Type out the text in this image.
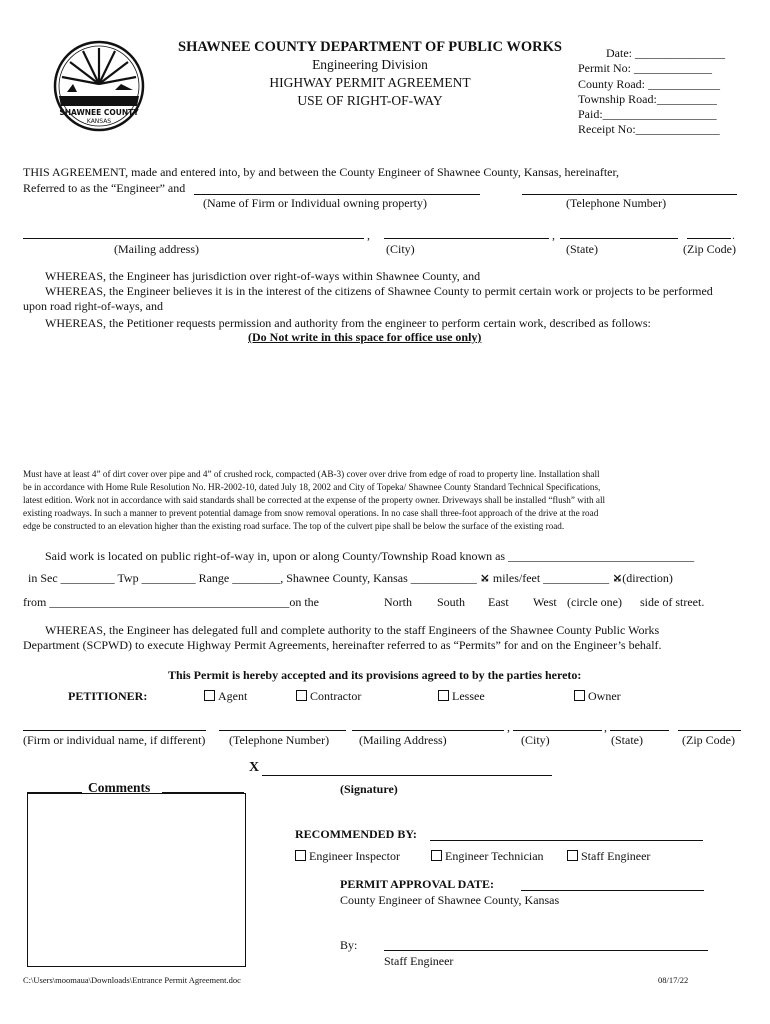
SHAWNEE COUNTY
KANSAS
SHAWNEE COUNTY DEPARTMENT OF PUBLIC WORKS
Engineering Division
HIGHWAY PERMIT AGREEMENT
USE OF RIGHT-OF-WAY
Date: _______________
Permit No: _____________
County Road: ____________
Township Road:__________
Paid:___________________
Receipt No:______________
THIS AGREEMENT, made and entered into, by and between the County Engineer of Shawnee County, Kansas, hereinafter,
Referred to as the “Engineer” and
(Name of Firm or Individual owning property)	(Telephone Number)
,	,	.
(Mailing address)	(City)	(State)	(Zip Code)
WHEREAS, the Engineer has jurisdiction over right-of-ways within Shawnee County, and
WHEREAS, the Engineer believes it is in the interest of the citizens of Shawnee County to permit certain work or projects to be performed
upon road right-of-ways, and
WHEREAS, the Petitioner requests permission and authority from the engineer to perform certain work, described as follows:
(Do Not write in this space for office use only)
Must have at least 4” of dirt cover over pipe and 4” of crushed rock, compacted (AB-3) cover over drive from edge of road to property line. Installation shall
be in accordance with Home Rule Resolution No. HR-2002-10, dated July 18, 2002 and City of Topeka/ Shawnee County Standard Technical Specifications,
latest edition. Work not in accordance with said standards shall be corrected at the expense of the property owner. Driveways shall be installed “flush” with all
existing roadways. In such a manner to prevent potential damage from snow removal operations. In no case shall three-foot approach of the drive at the road
edge be constructed to an elevation higher than the existing road surface. The top of the culvert pipe shall be below the surface of the existing road.
Said work is located on public right-of-way in, upon or along County/Township Road known as _______________________________
in Sec _________ Twp _________ Range ________, Shawnee County, Kansas ___________ ⤩ miles/feet ___________ ⤩(direction)
from ________________________________________on the	North South East West (circle one) side of street.
WHEREAS, the Engineer has delegated full and complete authority to the staff Engineers of the Shawnee County Public Works
Department (SCPWD) to execute Highway Permit Agreements, hereinafter referred to as “Permits” for and on the Engineer’s behalf.
This Permit is hereby accepted and its provisions agreed to by the parties hereto:
PETITIONER:	Agent	Contractor	Lessee	Owner
,	,
(Firm or individual name, if different) (Telephone Number) (Mailing Address)	(City)	(State)	(Zip Code)
X
(Signature)
Comments
RECOMMENDED BY:
Engineer Inspector	Engineer Technician	Staff Engineer
PERMIT APPROVAL DATE:
County Engineer of Shawnee County, Kansas
By:
Staff Engineer
C:\Users\moomaua\Downloads\Entrance Permit Agreement.doc	08/17/22
